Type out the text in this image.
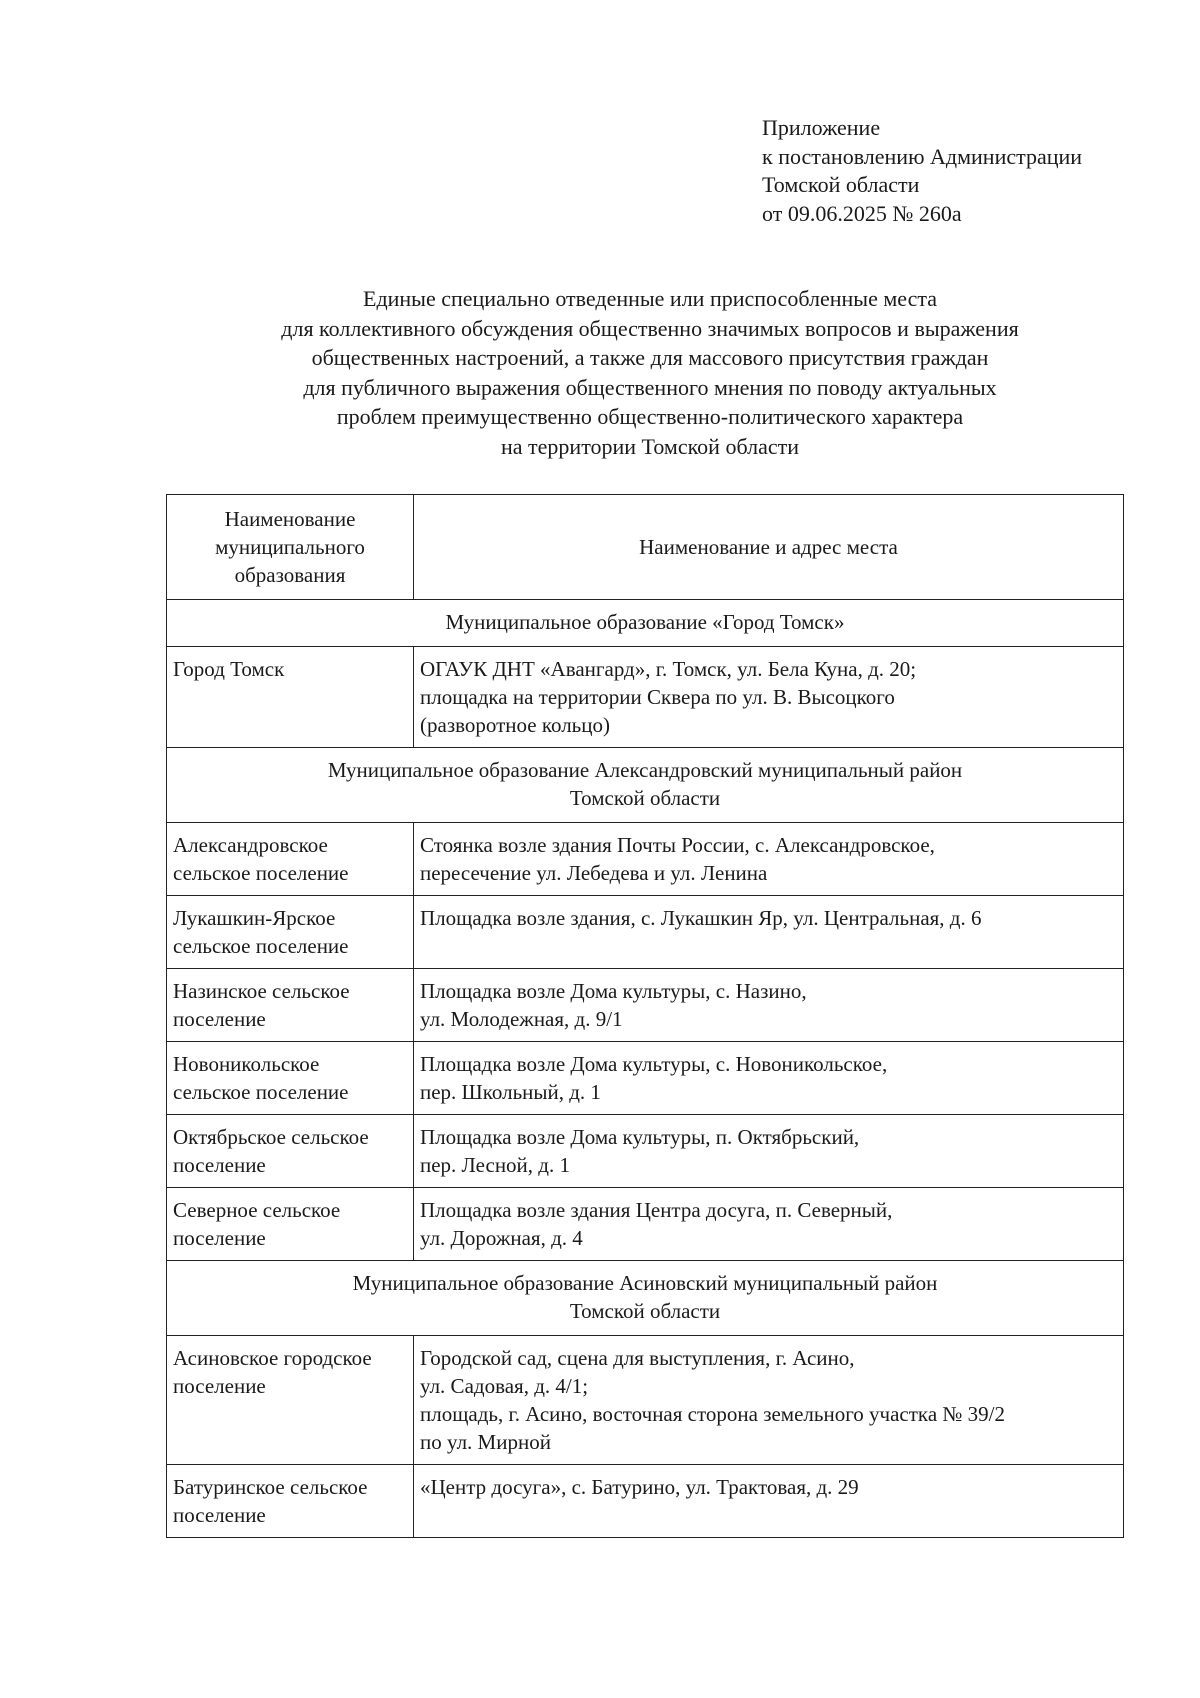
Приложение
к постановлению Администрации
Томской области
от 09.06.2025 № 260а
Единые специально отведенные или приспособленные места
для коллективного обсуждения общественно значимых вопросов и выражения
общественных настроений, а также для массового присутствия граждан
для публичного выражения общественного мнения по поводу актуальных
проблем преимущественно общественно-политического характера
на территории Томской области
Наименование
муниципального
образования	Наименование и адрес места

Муниципальное образование «Город Томск»	

Город Томск	ОГАУК ДНТ «Авангард», г. Томск, ул. Бела Куна, д. 20;
площадка на территории Сквера по ул. В. Высоцкого
(разворотное кольцо)

Муниципальное образование Александровский муниципальный район
Томской области	

Александровское
сельское поселение	Стоянка возле здания Почты России, с. Александровское,
пересечение ул. Лебедева и ул. Ленина

Лукашкин-Ярское
сельское поселение	Площадка возле здания, с. Лукашкин Яр, ул. Центральная, д. 6

Назинское сельское
поселение	Площадка возле Дома культуры, с. Назино,
ул. Молодежная, д. 9/1

Новоникольское
сельское поселение	Площадка возле Дома культуры, с. Новоникольское,
пер. Школьный, д. 1

Октябрьское сельское
поселение	Площадка возле Дома культуры, п. Октябрьский,
пер. Лесной, д. 1

Северное сельское
поселение	Площадка возле здания Центра досуга, п. Северный,
ул. Дорожная, д. 4

Муниципальное образование Асиновский муниципальный район
Томской области	

Асиновское городское
поселение	Городской сад, сцена для выступления, г. Асино,
ул. Садовая, д. 4/1;
площадь, г. Асино, восточная сторона земельного участка № 39/2
по ул. Мирной

Батуринское сельское
поселение	«Центр досуга», с. Батурино, ул. Трактовая, д. 29
